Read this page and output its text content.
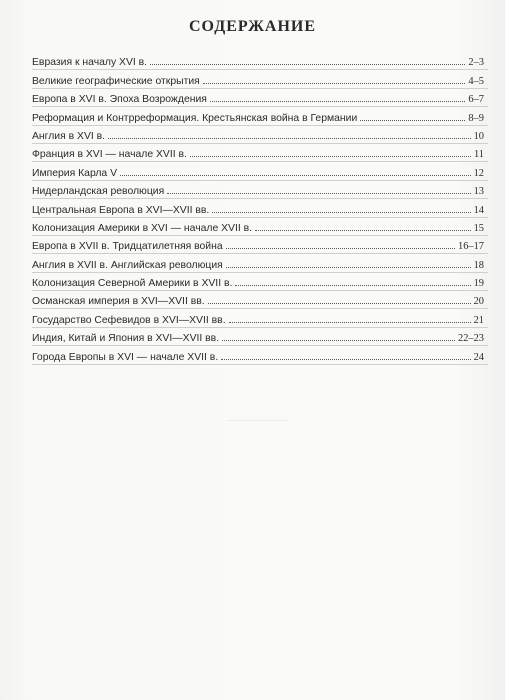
СОДЕРЖАНИЕ
Евразия к началу XVI в.	2–3
Великие географические открытия	4–5
Европа в XVI в. Эпоха Возрождения	6–7
Реформация и Контрреформация. Крестьянская война в Германии	8–9
Англия в XVI в.	10
Франция в XVI — начале XVII в.	11
Империя Карла V	12
Нидерландская революция	13
Центральная Европа в XVI—XVII вв.	14
Колонизация Америки в XVI — начале XVII в.	15
Европа в XVII в. Тридцатилетняя война	16–17
Англия в XVII в. Английская революция	18
Колонизация Северной Америки в XVII в.	19
Османская империя в XVI—XVII вв.	20
Государство Сефевидов в XVI—XVII вв.	21
Индия, Китай и Япония в XVI—XVII вв.	22–23
Города Европы в XVI — начале XVII в.	24
